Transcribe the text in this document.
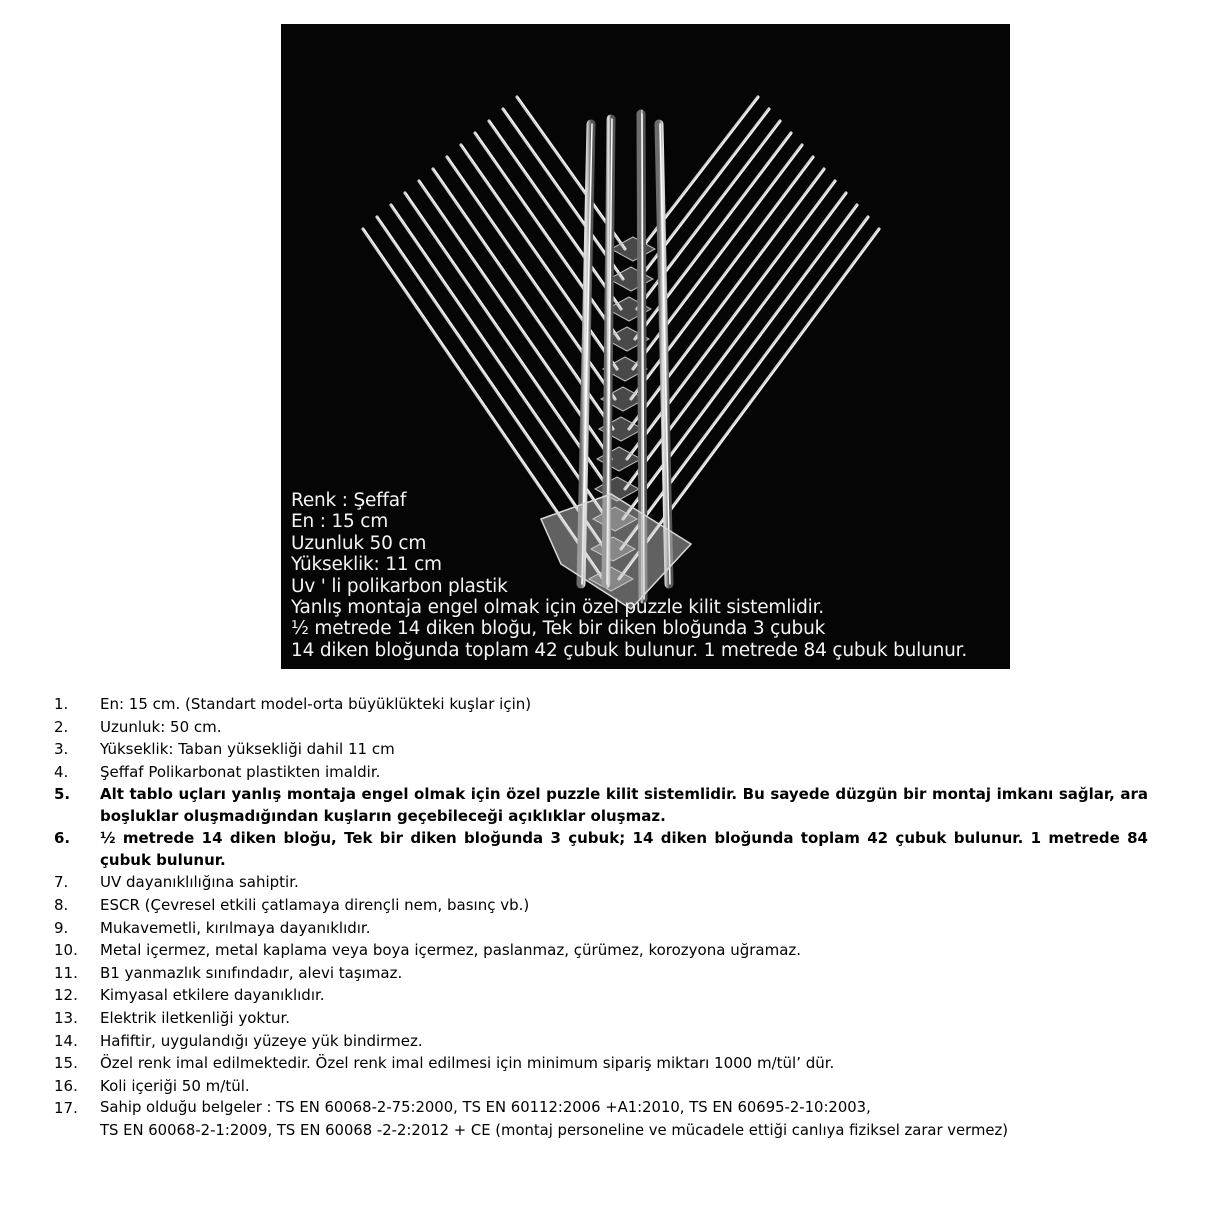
Renk : Şeffaf
En : 15 cm
Uzunluk 50 cm
Yükseklik: 11 cm
Uv ' li polikarbon plastik
Yanlış montaja engel olmak için özel puzzle kilit sistemlidir.
½ metrede 14 diken bloğu, Tek bir diken bloğunda 3 çubuk
14 diken bloğunda toplam 42 çubuk bulunur. 1 metrede 84 çubuk bulunur.
1.	En: 15 cm. (Standart model-orta büyüklükteki kuşlar için)
2.	Uzunluk: 50 cm.
3.	Yükseklik: Taban yüksekliği dahil 11 cm
4.	Şeffaf Polikarbonat plastikten imaldir.
5.	Alt tablo uçları yanlış montaja engel olmak için özel puzzle kilit sistemlidir. Bu sayede düzgün bir montaj imkanı sağlar, ara boşluklar oluşmadığından kuşların geçebileceği açıklıklar oluşmaz.
6.	½ metrede 14 diken bloğu, Tek bir diken bloğunda 3 çubuk; 14 diken bloğunda toplam 42 çubuk bulunur. 1 metrede 84 çubuk bulunur.
7.	UV dayanıklılığına sahiptir.
8.	ESCR (Çevresel etkili çatlamaya dirençli nem, basınç vb.)
9.	Mukavemetli, kırılmaya dayanıklıdır.
10.	Metal içermez, metal kaplama veya boya içermez, paslanmaz, çürümez, korozyona uğramaz.
11.	B1 yanmazlık sınıfındadır, alevi taşımaz.
12.	Kimyasal etkilere dayanıklıdır.
13.	Elektrik iletkenliği yoktur.
14.	Hafiftir, uygulandığı yüzeye yük bindirmez.
15.	Özel renk imal edilmektedir. Özel renk imal edilmesi için minimum sipariş miktarı 1000 m/tül’ dür.
16.	Koli içeriği 50 m/tül.
17.	Sahip olduğu belgeler : TS EN 60068-2-75:2000, TS EN 60112:2006 +A1:2010, TS EN 60695-2-10:2003,
TS EN 60068-2-1:2009, TS EN 60068 -2-2:2012 + CE (montaj personeline ve mücadele ettiği canlıya fiziksel zarar vermez)
